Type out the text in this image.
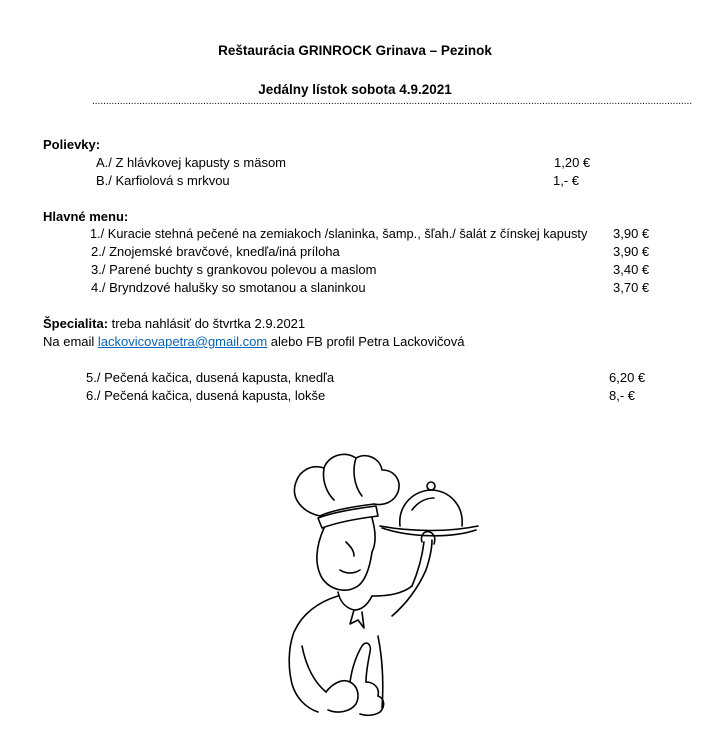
Reštaurácia GRINROCK Grinava – Pezinok
Jedálny lístok sobota 4.9.2021
........................................................................................................................................................................................................................
Polievky:
A./ Z hlávkovej kapusty s mäsom	1,20 €
B./ Karfiolová s mrkvou	1,- €
Hlavné menu:
1./ Kuracie stehná pečené na zemiakoch /slaninka, šamp., šľah./ šalát z čínskej kapusty 3,90 €
2./ Znojemské bravčové, knedľa/iná príloha	3,90 €
3./ Parené buchty s grankovou polevou a maslom	3,40 €
4./ Bryndzové halušky so smotanou a slaninkou	3,70 €
Špecialita: treba nahlásiť do štvrtka 2.9.2021
Na email lackovicovapetra@gmail.com alebo FB profil Petra Lackovičová
5./ Pečená kačica, dusená kapusta, knedľa	6,20 €
6./ Pečená kačica, dusená kapusta, lokše	8,- €
